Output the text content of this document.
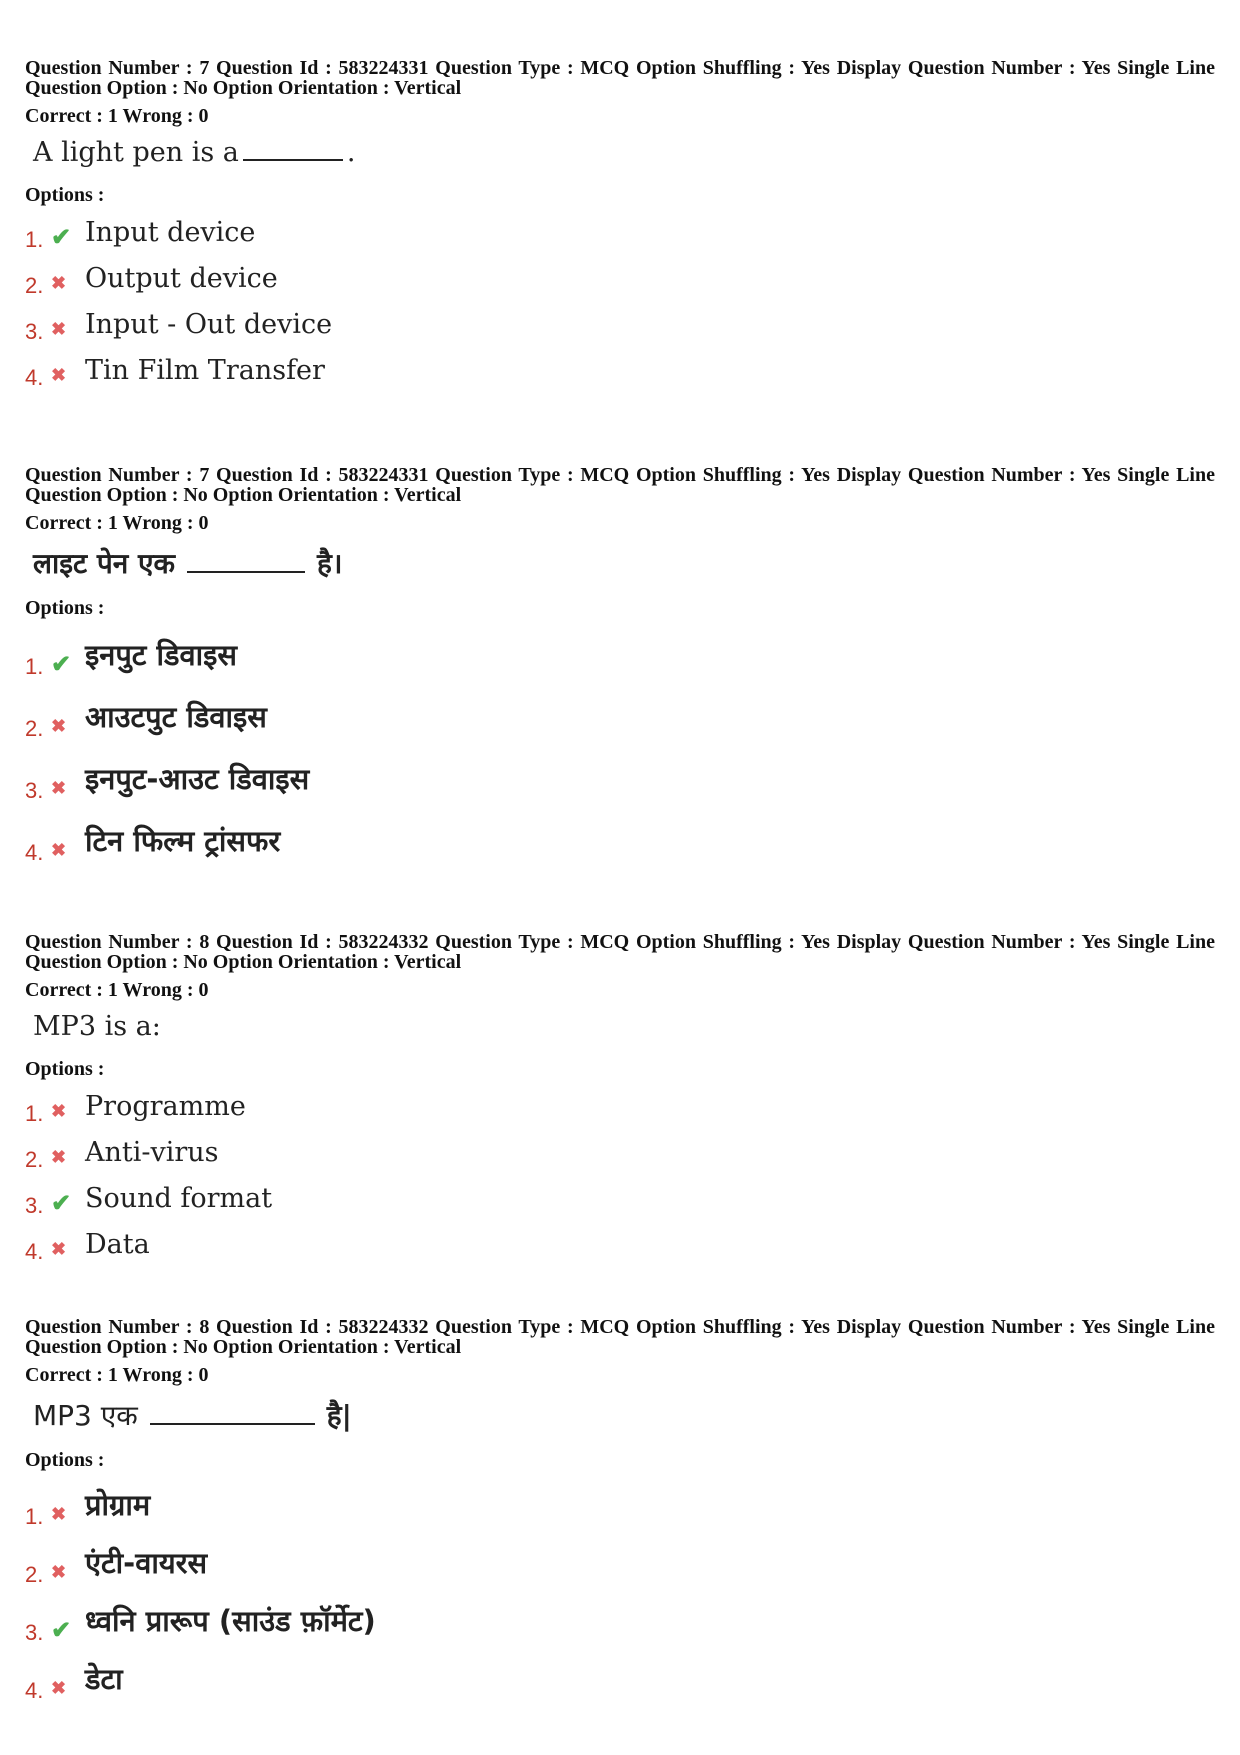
Question Number : 7 Question Id : 583224331 Question Type : MCQ Option Shuffling : Yes Display Question Number : Yes Single Line Question Option : No Option Orientation : Vertical

Correct : 1 Wrong : 0
A light pen is a	.
Options :
1. ✔ Input device
2. ✖ Output device
3. ✖ Input - Out device
4. ✖ Tin Film Transfer

Question Number : 7 Question Id : 583224331 Question Type : MCQ Option Shuffling : Yes Display Question Number : Yes Single Line Question Option : No Option Orientation : Vertical

Correct : 1 Wrong : 0
लाइट पेन एक	है।
Options :
1. ✔ इनपुट डिवाइस
2. ✖ आउटपुट डिवाइस
3. ✖ इनपुट-आउट डिवाइस
4. ✖ टिन फिल्म ट्रांसफर

Question Number : 8 Question Id : 583224332 Question Type : MCQ Option Shuffling : Yes Display Question Number : Yes Single Line Question Option : No Option Orientation : Vertical

Correct : 1 Wrong : 0
MP3 is a:
Options :
1. ✖ Programme
2. ✖ Anti-virus
3. ✔ Sound format
4. ✖ Data

Question Number : 8 Question Id : 583224332 Question Type : MCQ Option Shuffling : Yes Display Question Number : Yes Single Line Question Option : No Option Orientation : Vertical

Correct : 1 Wrong : 0
MP3 एक	है|
Options :
1. ✖ प्रोग्राम
2. ✖ एंटी-वायरस
3. ✔ ध्वनि प्रारूप (साउंड फ़ॉर्मेट)
4. ✖ डेटा
